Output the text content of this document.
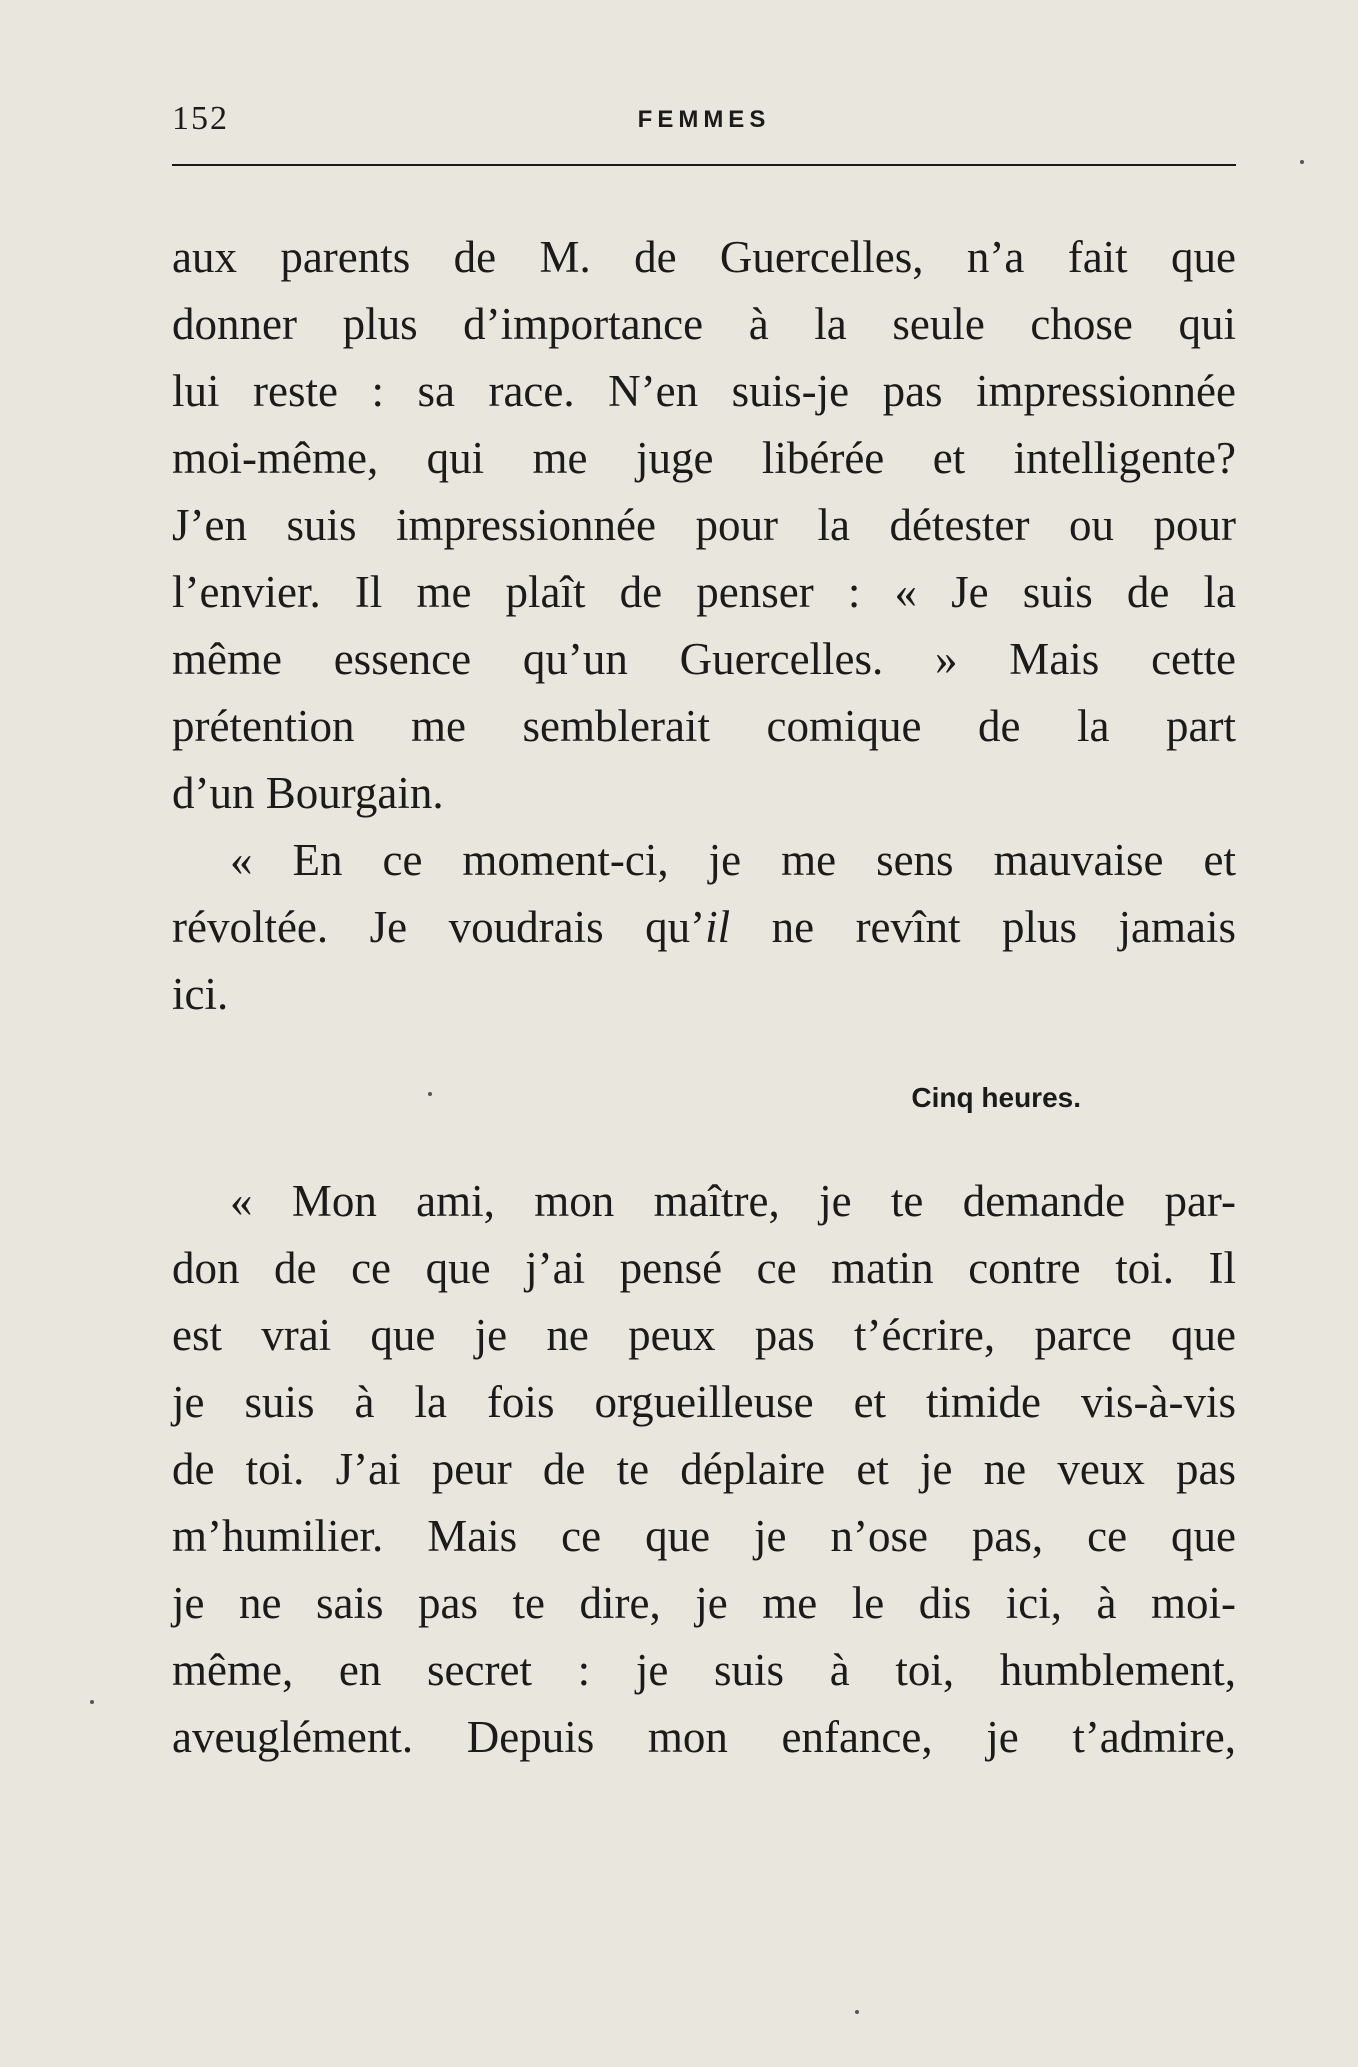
152	FEMMES
aux parents de M. de Guercelles, n’a fait que
donner plus d’importance à la seule chose qui
lui reste : sa race. N’en suis-je pas impressionnée
moi-même, qui me juge libérée et intelligente?
J’en suis impressionnée pour la détester ou pour
l’envier. Il me plaît de penser : « Je suis de la
même essence qu’un Guercelles. » Mais cette
prétention me semblerait comique de la part
d’un Bourgain.
« En ce moment-ci, je me sens mauvaise et
révoltée. Je voudrais qu’il ne revînt plus jamais
ici.
Cinq heures.
« Mon ami, mon maître, je te demande par-
don de ce que j’ai pensé ce matin contre toi. Il
est vrai que je ne peux pas t’écrire, parce que
je suis à la fois orgueilleuse et timide vis-à-vis
de toi. J’ai peur de te déplaire et je ne veux pas
m’humilier. Mais ce que je n’ose pas, ce que
je ne sais pas te dire, je me le dis ici, à moi-
même, en secret : je suis à toi, humblement,
aveuglément. Depuis mon enfance, je t’admire,
